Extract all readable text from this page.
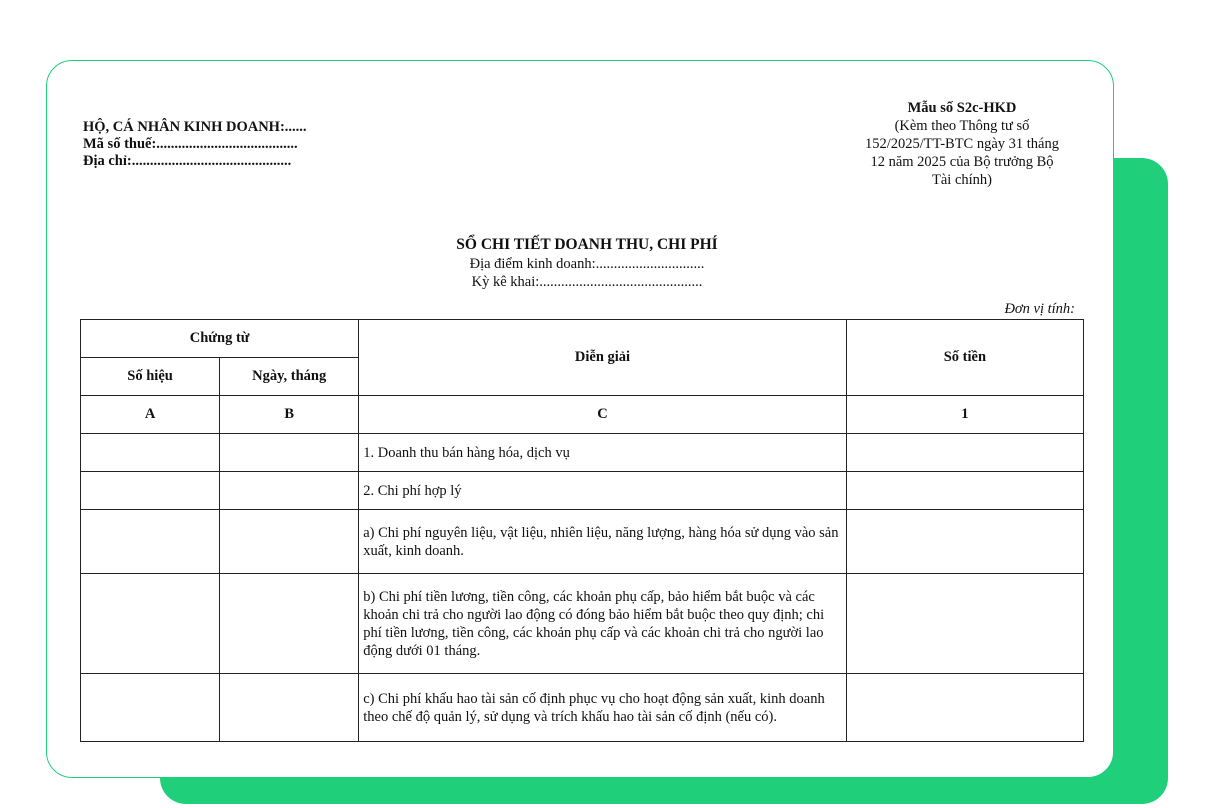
HỘ, CÁ NHÂN KINH DOANH:......
Mã số thuế:.......................................
Địa chỉ:............................................
Mẫu số S2c-HKD
(Kèm theo Thông tư số
152/2025/TT-BTC ngày 31 tháng
12 năm 2025 của Bộ trưởng Bộ
Tài chính)
SỔ CHI TIẾT DOANH THU, CHI PHÍ
Địa điểm kinh doanh:..............................
Kỳ kê khai:.............................................
Đơn vị tính:
Chứng từ		Diễn giải	Số tiền
Số hiệu	Ngày, tháng		
A	B	C	1
		1. Doanh thu bán hàng hóa, dịch vụ	
		2. Chi phí hợp lý	
		a) Chi phí nguyên liệu, vật liệu, nhiên liệu, năng lượng, hàng hóa sử dụng vào sản xuất, kinh doanh.	
		b) Chi phí tiền lương, tiền công, các khoản phụ cấp, bảo hiểm bắt buộc và các khoản chi trả cho người lao động có đóng bảo hiểm bắt buộc theo quy định; chi phí tiền lương, tiền công, các khoản phụ cấp và các khoản chi trả cho người lao động dưới 01 tháng.	
		c) Chi phí khấu hao tài sản cố định phục vụ cho hoạt động sản xuất, kinh doanh theo chế độ quản lý, sử dụng và trích khấu hao tài sản cố định (nếu có).	
